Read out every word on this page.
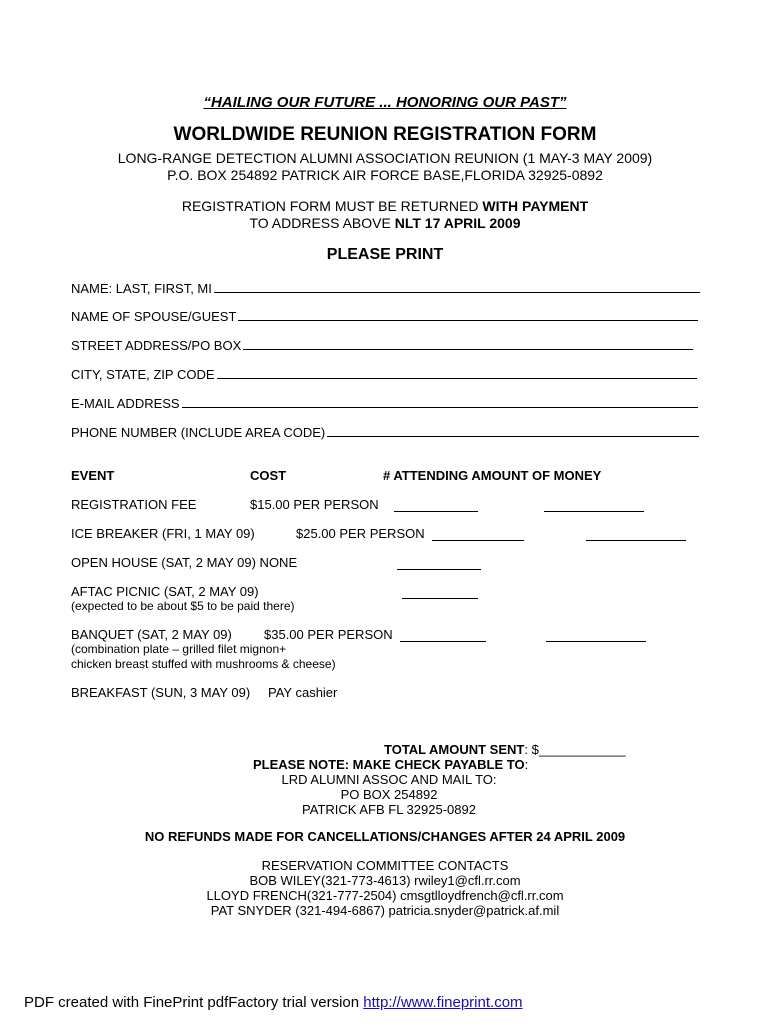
“HAILING OUR FUTURE ... HONORING OUR PAST”
WORLDWIDE REUNION REGISTRATION FORM
LONG-RANGE DETECTION ALUMNI ASSOCIATION REUNION (1 MAY-3 MAY 2009)
P.O. BOX 254892 PATRICK AIR FORCE BASE,FLORIDA 32925-0892
REGISTRATION FORM MUST BE RETURNED WITH PAYMENT
TO ADDRESS ABOVE NLT 17 APRIL 2009
PLEASE PRINT
NAME: LAST, FIRST, MI
NAME OF SPOUSE/GUEST
STREET ADDRESS/PO BOX
CITY, STATE, ZIP CODE
E-MAIL ADDRESS
PHONE NUMBER (INCLUDE AREA CODE)
EVENT	COST	# ATTENDING AMOUNT OF MONEY
REGISTRATION FEE	$15.00 PER PERSON
ICE BREAKER (FRI, 1 MAY 09)	$25.00 PER PERSON
OPEN HOUSE (SAT, 2 MAY 09) NONE
AFTAC PICNIC (SAT, 2 MAY 09)
(expected to be about $5 to be paid there)
BANQUET (SAT, 2 MAY 09) $35.00 PER PERSON
(combination plate – grilled filet mignon+
chicken breast stuffed with mushrooms & cheese)
BREAKFAST (SUN, 3 MAY 09) PAY cashier
TOTAL AMOUNT SENT: $____________
PLEASE NOTE: MAKE CHECK PAYABLE TO:
LRD ALUMNI ASSOC AND MAIL TO:
PO BOX 254892
PATRICK AFB FL 32925-0892
NO REFUNDS MADE FOR CANCELLATIONS/CHANGES AFTER 24 APRIL 2009
RESERVATION COMMITTEE CONTACTS
BOB WILEY(321-773-4613) rwiley1@cfl.rr.com
LLOYD FRENCH(321-777-2504) cmsgtlloydfrench@cfl.rr.com
PAT SNYDER (321-494-6867) patricia.snyder@patrick.af.mil
PDF created with FinePrint pdfFactory trial version http://www.fineprint.com
